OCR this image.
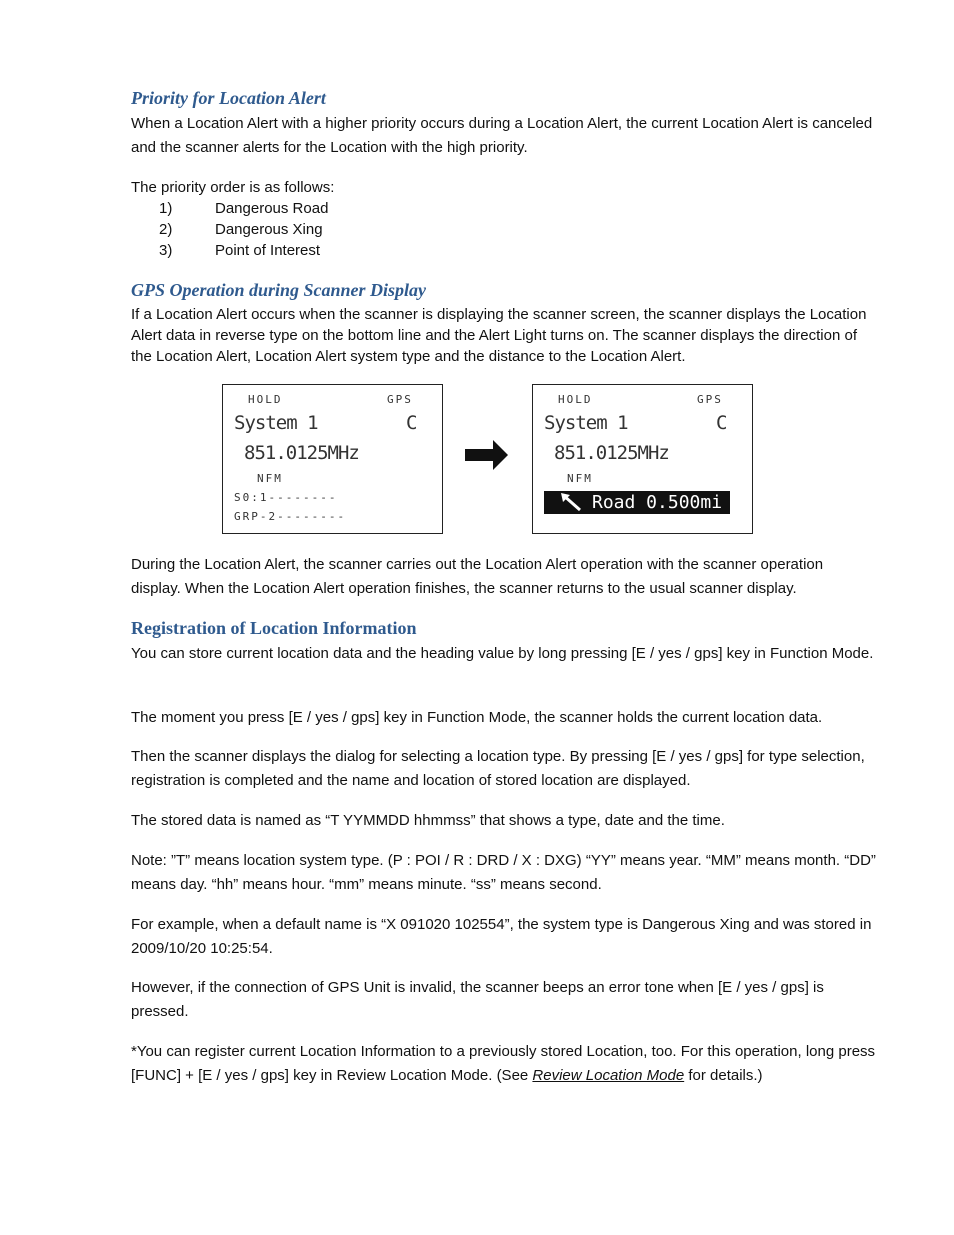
Priority for Location Alert

When a Location Alert with a higher priority occurs during a Location Alert, the current Location Alert is canceled and the scanner alerts for the Location with the high priority.

The priority order is as follows:

1)	Dangerous Road
2)	Dangerous Xing
3)	Point of Interest
GPS Operation during Scanner Display

If a Location Alert occurs when the scanner is displaying the scanner screen, the scanner displays the Location Alert data in reverse type on the bottom line and the Alert Light turns on. The scanner displays the direction of the Location Alert, Location Alert system type and the distance to the Location Alert.

HOLD	GPS
System 1	C
851.0125MHz
NFM
S0:1--------
GRP-2--------
HOLD	GPS
System 1	C
851.0125MHz
NFM
Road 0.500mi

During the Location Alert, the scanner carries out the Location Alert operation with the scanner operation display. When the Location Alert operation finishes, the scanner returns to the usual scanner display.

Registration of Location Information

You can store current location data and the heading value by long pressing [E / yes / gps] key in Function Mode.

The moment you press [E / yes / gps] key in Function Mode, the scanner holds the current location data.

Then the scanner displays the dialog for selecting a location type. By pressing [E / yes / gps] for type selection, registration is completed and the name and location of stored location are displayed.

The stored data is named as “T YYMMDD hhmmss” that shows a type, date and the time.

Note: ”T” means location system type. (P : POI / R : DRD / X : DXG) “YY” means year. “MM” means month. “DD” means day. “hh” means hour. “mm” means minute. “ss” means second.

For example, when a default name is “X 091020 102554”, the system type is Dangerous Xing and was stored in 2009/10/20 10:25:54.

However, if the connection of GPS Unit is invalid, the scanner beeps an error tone when [E / yes / gps] is pressed.

*You can register current Location Information to a previously stored Location, too. For this operation, long press [FUNC] + [E / yes / gps] key in Review Location Mode. (See Review Location Mode for details.)
